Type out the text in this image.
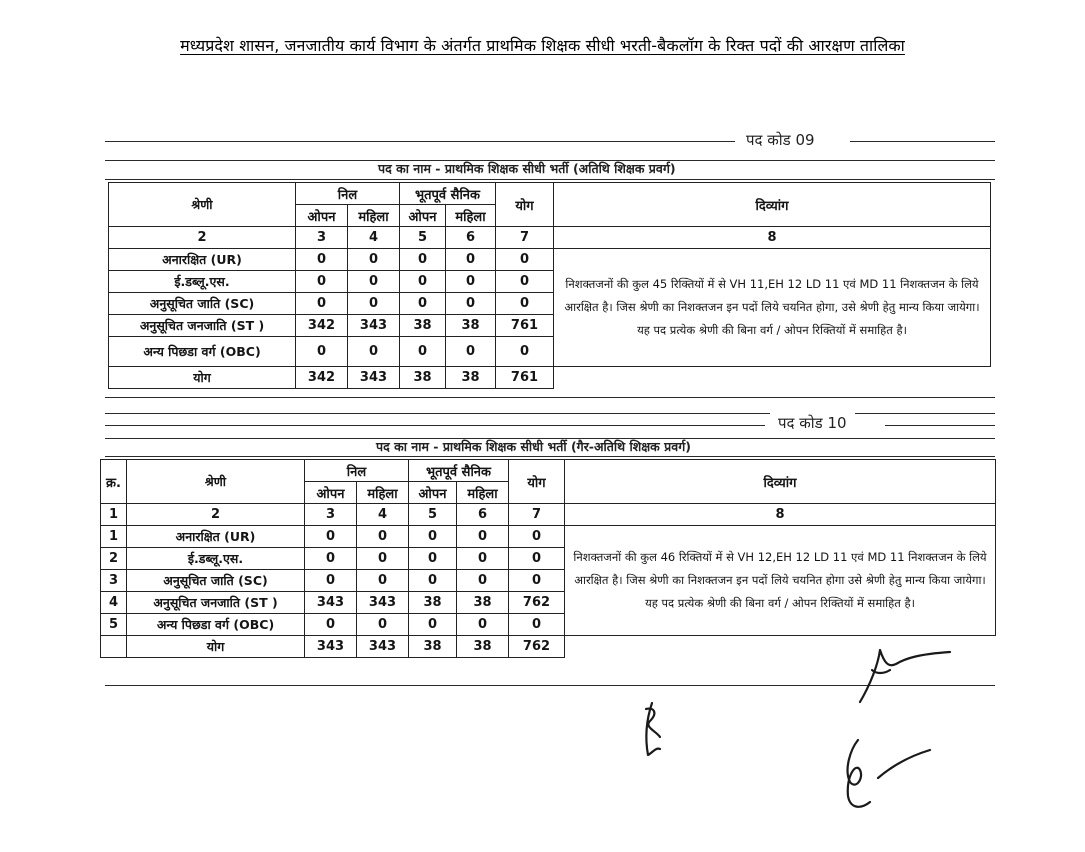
मध्यप्रदेश शासन, जनजातीय कार्य विभाग के अंतर्गत प्राथमिक शिक्षक सीधी भरती-बैकलॉग के रिक्त पदों की आरक्षण तालिका
पद कोड 09
पद का नाम - प्राथमिक शिक्षक सीधी भर्ती (अतिथि शिक्षक प्रवर्ग)
श्रेणी	निल		भूतपूर्व सैनिक		योग	दिव्यांग
	ओपन	महिला	ओपन	महिला		
2	3	4	5	6	7	8
अनारक्षित (UR)	0	0	0	0	0	निशक्तजनों की कुल 45 रिक्तियों में से VH 11,EH 12 LD 11 एवं MD 11 निशक्तजन के लिये आरक्षित है। जिस श्रेणी का निशक्तजन इन पदों लिये चयनित होगा, उसे श्रेणी हेतु मान्य किया जायेगा। यह पद प्रत्येक श्रेणी की बिना वर्ग / ओपन रिक्तियों में समाहित है।
ई.डब्लू.एस.	0	0	0	0	0	
अनुसूचित जाति (SC)	0	0	0	0	0	
अनुसूचित जनजाति (ST )	342	343	38	38	761	
अन्य पिछडा वर्ग (OBC)	0	0	0	0	0	
योग	342	343	38	38	761	
पद कोड 10
पद का नाम - प्राथमिक शिक्षक सीधी भर्ती (गैर-अतिथि शिक्षक प्रवर्ग)
क्र.	श्रेणी	निल		भूतपूर्व सैनिक		योग	दिव्यांग
		ओपन	महिला	ओपन	महिला		
1	2	3	4	5	6	7	8
1	अनारक्षित (UR)	0	0	0	0	0	निशक्तजनों की कुल 46 रिक्तियों में से VH 12,EH 12 LD 11 एवं MD 11 निशक्तजन के लिये आरक्षित है। जिस श्रेणी का निशक्तजन इन पदों लिये चयनित होगा उसे श्रेणी हेतु मान्य किया जायेगा। यह पद प्रत्येक श्रेणी की बिना वर्ग / ओपन रिक्तियों में समाहित है।
2	ई.डब्लू.एस.	0	0	0	0	0	
3	अनुसूचित जाति (SC)	0	0	0	0	0	
4	अनुसूचित जनजाति (ST )	343	343	38	38	762	
5	अन्य पिछडा वर्ग (OBC)	0	0	0	0	0	
	योग	343	343	38	38	762	
